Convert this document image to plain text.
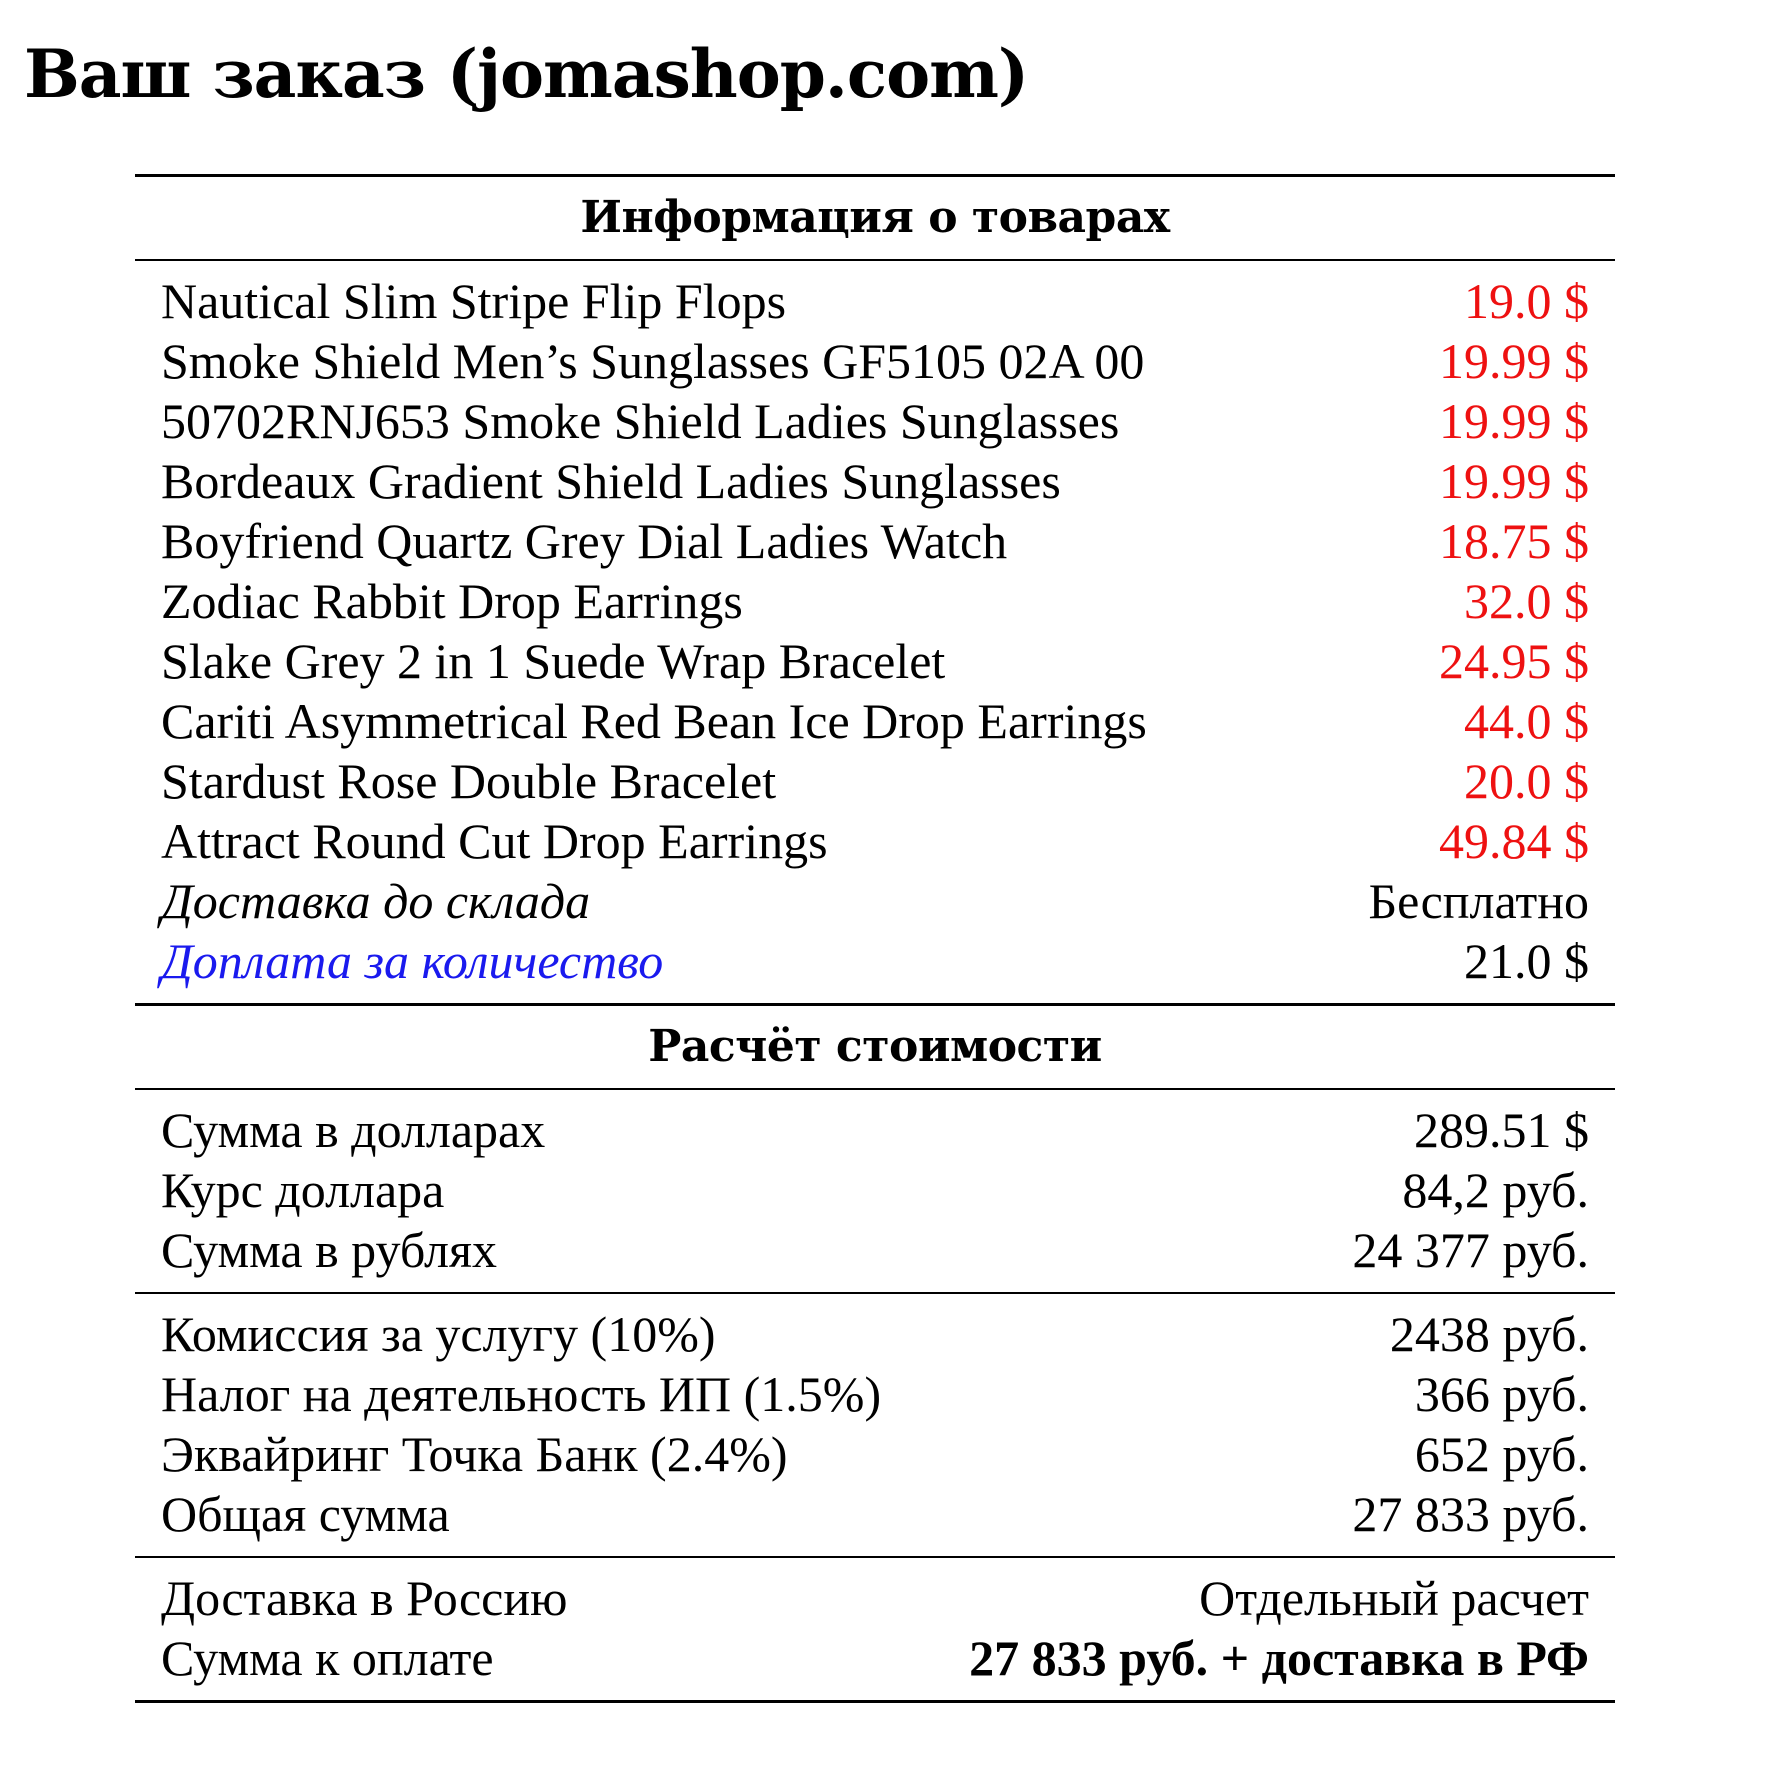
Ваш заказ (jomashop.com)
Информация о товарах
Nautical Slim Stripe Flip Flops	19.0 $
Smoke Shield Men’s Sunglasses GF5105 02A 00	19.99 $
50702RNJ653 Smoke Shield Ladies Sunglasses	19.99 $
Bordeaux Gradient Shield Ladies Sunglasses	19.99 $
Boyfriend Quartz Grey Dial Ladies Watch	18.75 $
Zodiac Rabbit Drop Earrings	32.0 $
Slake Grey 2 in 1 Suede Wrap Bracelet	24.95 $
Cariti Asymmetrical Red Bean Ice Drop Earrings	44.0 $
Stardust Rose Double Bracelet	20.0 $
Attract Round Cut Drop Earrings	49.84 $
Доставка до склада	Бесплатно
Доплата за количество	21.0 $
Расчёт стоимости
Сумма в долларах	289.51 $
Курс доллара	84,2 руб.
Сумма в рублях	24 377 руб.
Комиссия за услугу (10%)	2438 руб.
Налог на деятельность ИП (1.5%)	366 руб.
Эквайринг Точка Банк (2.4%)	652 руб.
Общая сумма	27 833 руб.
Доставка в Россию	Отдельный расчет
Сумма к оплате	27 833 руб. + доставка в РФ
